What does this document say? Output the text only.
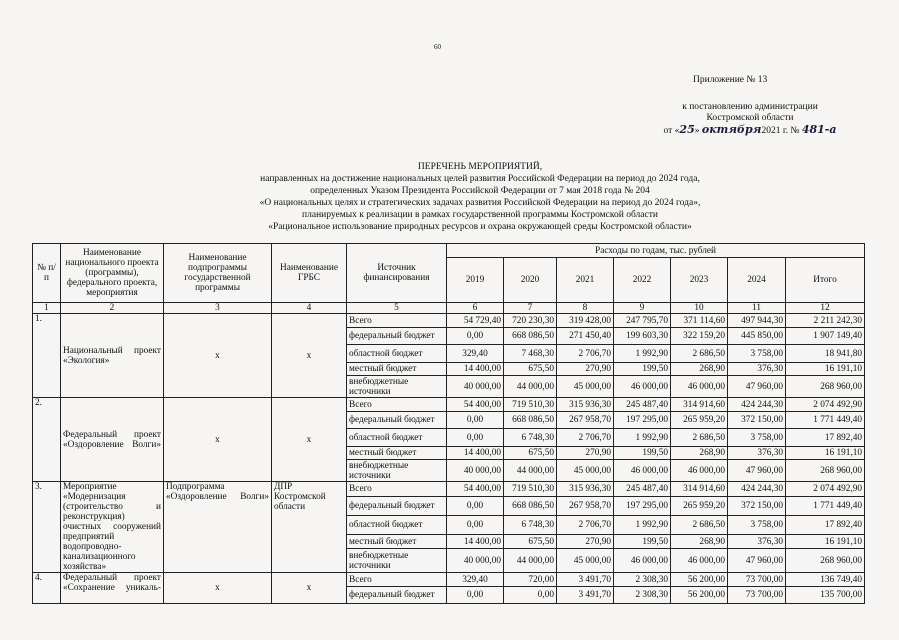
60
Приложение № 13
к постановлению администрации
Костромской области
от «25» октября2021 г. № 481-а
ПЕРЕЧЕНЬ МЕРОПРИЯТИЙ,
направленных на достижение национальных целей развития Российской Федерации на период до 2024 года,
определенных Указом Президента Российской Федерации от 7 мая 2018 года № 204
«О национальных целях и стратегических задачах развития Российской Федерации на период до 2024 года»,
планируемых к реализации в рамках государственной программы Костромской области
«Рациональное использование природных ресурсов и охрана окружающей среды Костромской области»
№ п/п	Наименование национального проекта (программы), федерального проекта, мероприятия	Наименование подпрограммы государственной программы	Наименование ГРБС	Источник финансирования	Расходы по годам, тыс. рублей						
					2019	2020	2021	2022	2023	2024	Итого
1	2	3	4	5	6	7	8	9	10	11	12
1.	Национальный проект «Экология»	х	х	Всего	54 729,40	720 230,30	319 428,00	247 795,70	371 114,60	497 944,30	2 211 242,30
				федеральный бюджет	0,00	668 086,50	271 450,40	199 603,30	322 159,20	445 850,00	1 907 149,40
				областной бюджет	329,40	7 468,30	2 706,70	1 992,90	2 686,50	3 758,00	18 941,80
				местный бюджет	14 400,00	675,50	270,90	199,50	268,90	376,30	16 191,10
				внебюджетные источники	40 000,00	44 000,00	45 000,00	46 000,00	46 000,00	47 960,00	268 960,00
2.	Федеральный проект «Оздоровление Волги»	х	х	Всего	54 400,00	719 510,30	315 936,30	245 487,40	314 914,60	424 244,30	2 074 492,90
				федеральный бюджет	0,00	668 086,50	267 958,70	197 295,00	265 959,20	372 150,00	1 771 449,40
				областной бюджет	0,00	6 748,30	2 706,70	1 992,90	2 686,50	3 758,00	17 892,40
				местный бюджет	14 400,00	675,50	270,90	199,50	268,90	376,30	16 191,10
				внебюджетные источники	40 000,00	44 000,00	45 000,00	46 000,00	46 000,00	47 960,00	268 960,00
3.	Мероприятие «Модернизация (строительство и реконструкция) очистных сооружений предприятий водопроводно-канализационного хозяйства»	Подпрограмма «Оздоровление Волги»	ДПР Костромской области	Всего	54 400,00	719 510,30	315 936,30	245 487,40	314 914,60	424 244,30	2 074 492,90
				федеральный бюджет	0,00	668 086,50	267 958,70	197 295,00	265 959,20	372 150,00	1 771 449,40
				областной бюджет	0,00	6 748,30	2 706,70	1 992,90	2 686,50	3 758,00	17 892,40
				местный бюджет	14 400,00	675,50	270,90	199,50	268,90	376,30	16 191,10
				внебюджетные источники	40 000,00	44 000,00	45 000,00	46 000,00	46 000,00	47 960,00	268 960,00
4.	Федеральный проект «Сохранение уникаль-	х	х	Всего	329,40	720,00	3 491,70	2 308,30	56 200,00	73 700,00	136 749,40
				федеральный бюджет	0,00	0,00	3 491,70	2 308,30	56 200,00	73 700,00	135 700,00
